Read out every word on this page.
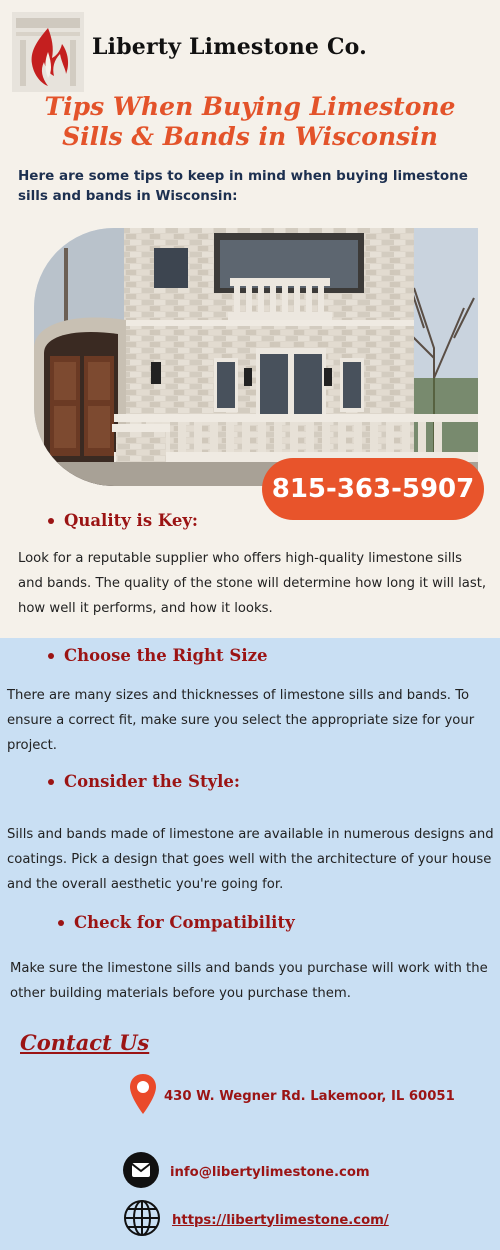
Liberty Limestone Co.
Tips When Buying Limestone
Sills & Bands in Wisconsin
Here are some tips to keep in mind when buying limestone sills and bands in Wisconsin:
815-363-5907
Quality is Key:
Look for a reputable supplier who offers high-quality limestone sills and bands. The quality of the stone will determine how long it will last, how well it performs, and how it looks.
Choose the Right Size
There are many sizes and thicknesses of limestone sills and bands. To ensure a correct fit, make sure you select the appropriate size for your project.
Consider the Style:
Sills and bands made of limestone are available in numerous designs and coatings. Pick a design that goes well with the architecture of your house and the overall aesthetic you're going for.
Check for Compatibility
Make sure the limestone sills and bands you purchase will work with the other building materials before you purchase them.
Contact Us
430 W. Wegner Rd. Lakemoor, IL 60051
info@libertylimestone.com
https://libertylimestone.com/
